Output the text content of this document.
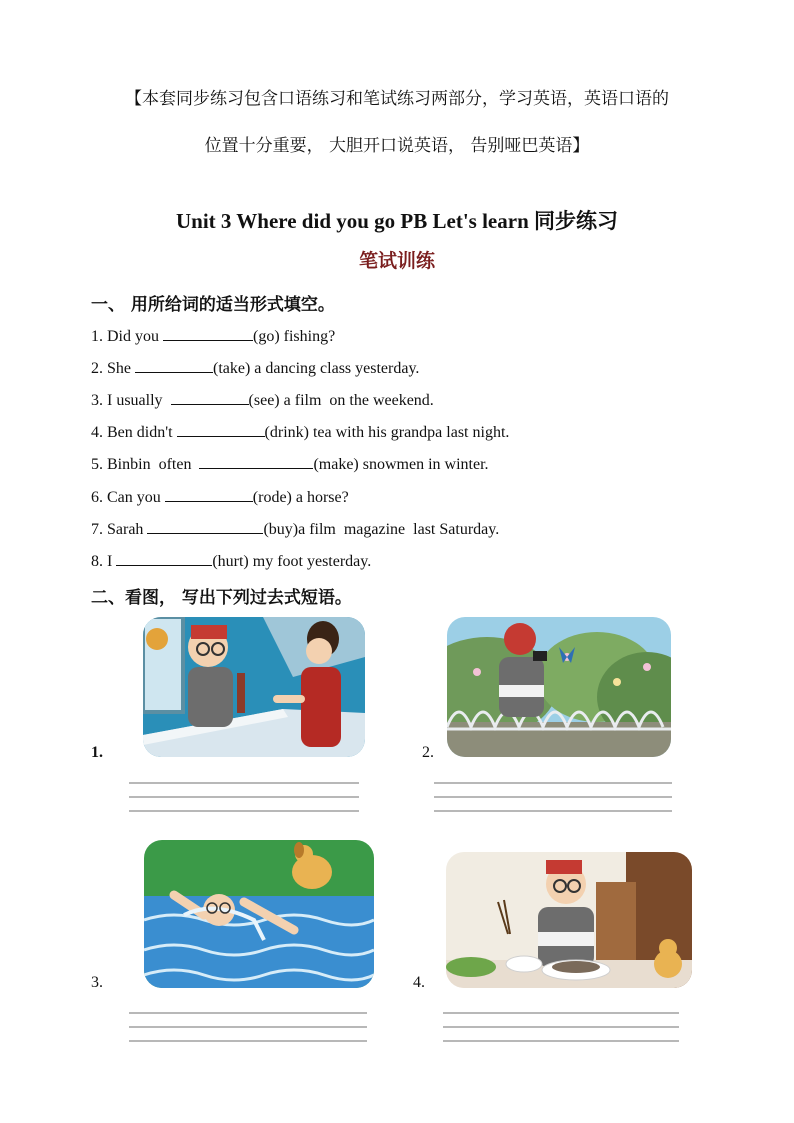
【本套同步练习包含口语练习和笔试练习两部分，学习英语，英语口语的
位置十分重要， 大胆开口说英语， 告别哑巴英语】
Unit 3 Where did you go PB Let's learn 同步练习
笔试训练
一、 用所给词的适当形式填空。
1. Did you	(go) fishing?
2. She	(take) a dancing class yesterday.
3. I usually	(see) a film  on the weekend.
4. Ben didn't	(drink) tea with his grandpa last night.
5. Binbin  often	(make) snowmen in winter.
6. Can you	(rode) a horse?
7. Sarah	(buy)a film  magazine  last Saturday.
8. I	(hurt) my foot yesterday.
二、看图， 写出下列过去式短语。
1.	2.
3.	4.
